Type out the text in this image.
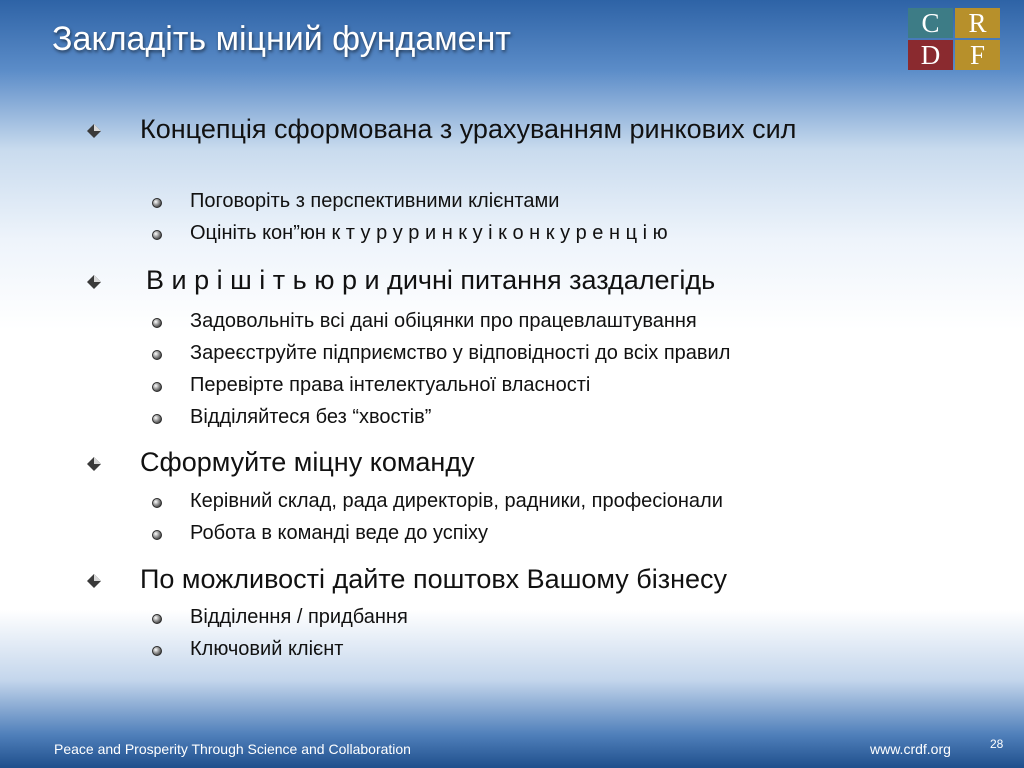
Закладіть міцний фундамент	C	R
D	F
Концепція сформована з урахуванням ринкових сил
Поговоріть з перспективними клієнтами
Оцініть кон”юн к т у р у р и н к у і к о н к у р е н ц і ю
В и р і ш і т ь ю р и дичні питання заздалегідь
Задовольніть всі дані обіцянки про працевлаштування
Зареєструйте підприємство у відповідності до всіх правил
Перевірте права інтелектуальної власності
Відділяйтеся без “хвостів”
Сформуйте міцну команду
Керівний склад, рада директорів, радники, професіонали
Робота в команді веде до успіху
По можливості дайте поштовх Вашому бізнесу
Відділення / придбання
Ключовий клієнт
Peace and Prosperity Through Science and Collaboration	www.crdf.org	28
